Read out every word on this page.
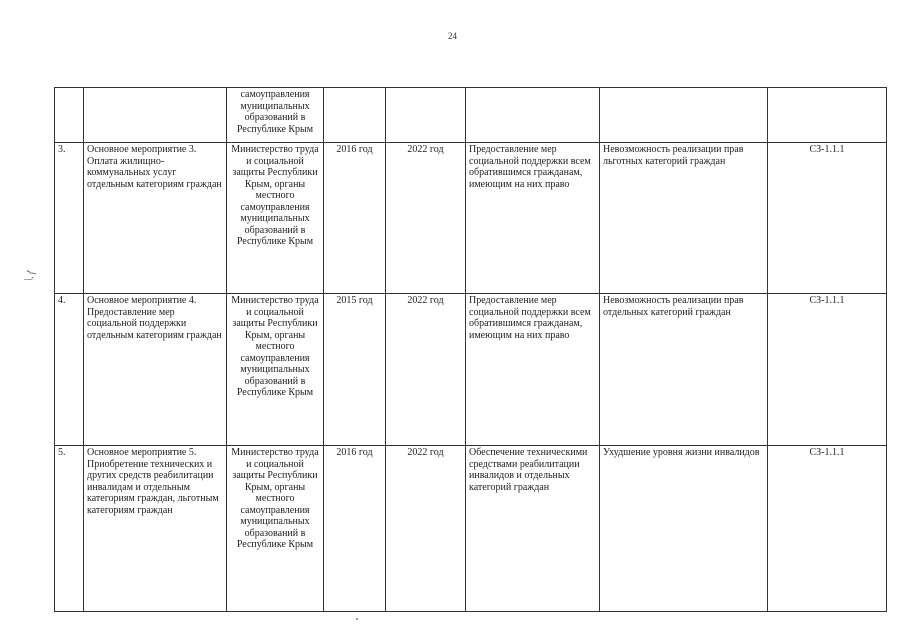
24
\.{
		самоуправления муниципальных образований в Республике Крым					
3.	Основное мероприятие 3. Оплата жилищно-коммунальных услуг отдельным категориям граждан	Министерство труда и социальной защиты Республики Крым, органы местного самоуправления муниципальных образований в Республике Крым	2016 год	2022 год	Предоставление мер социальной поддержки всем обратившимся гражданам, имеющим на них право	Невозможность реализации прав льготных категорий граждан	СЗ-1.1.1
4.	Основное мероприятие 4. Предоставление мер социальной поддержки отдельным категориям граждан	Министерство труда и социальной защиты Республики Крым, органы местного самоуправления муниципальных образований в Республике Крым	2015 год	2022 год	Предоставление мер социальной поддержки всем обратившимся гражданам, имеющим на них право	Невозможность реализации прав отдельных категорий граждан	СЗ-1.1.1
5.	Основное мероприятие 5. Приобретение технических и других средств реабилитации инвалидам и отдельным категориям граждан, льготным категориям граждан	Министерство труда и социальной защиты Республики Крым, органы местного самоуправления муниципальных образований в Республике Крым	2016 год	2022 год	Обеспечение техническими средствами реабилитации инвалидов и отдельных категорий граждан	Ухудшение уровня жизни инвалидов	СЗ-1.1.1
